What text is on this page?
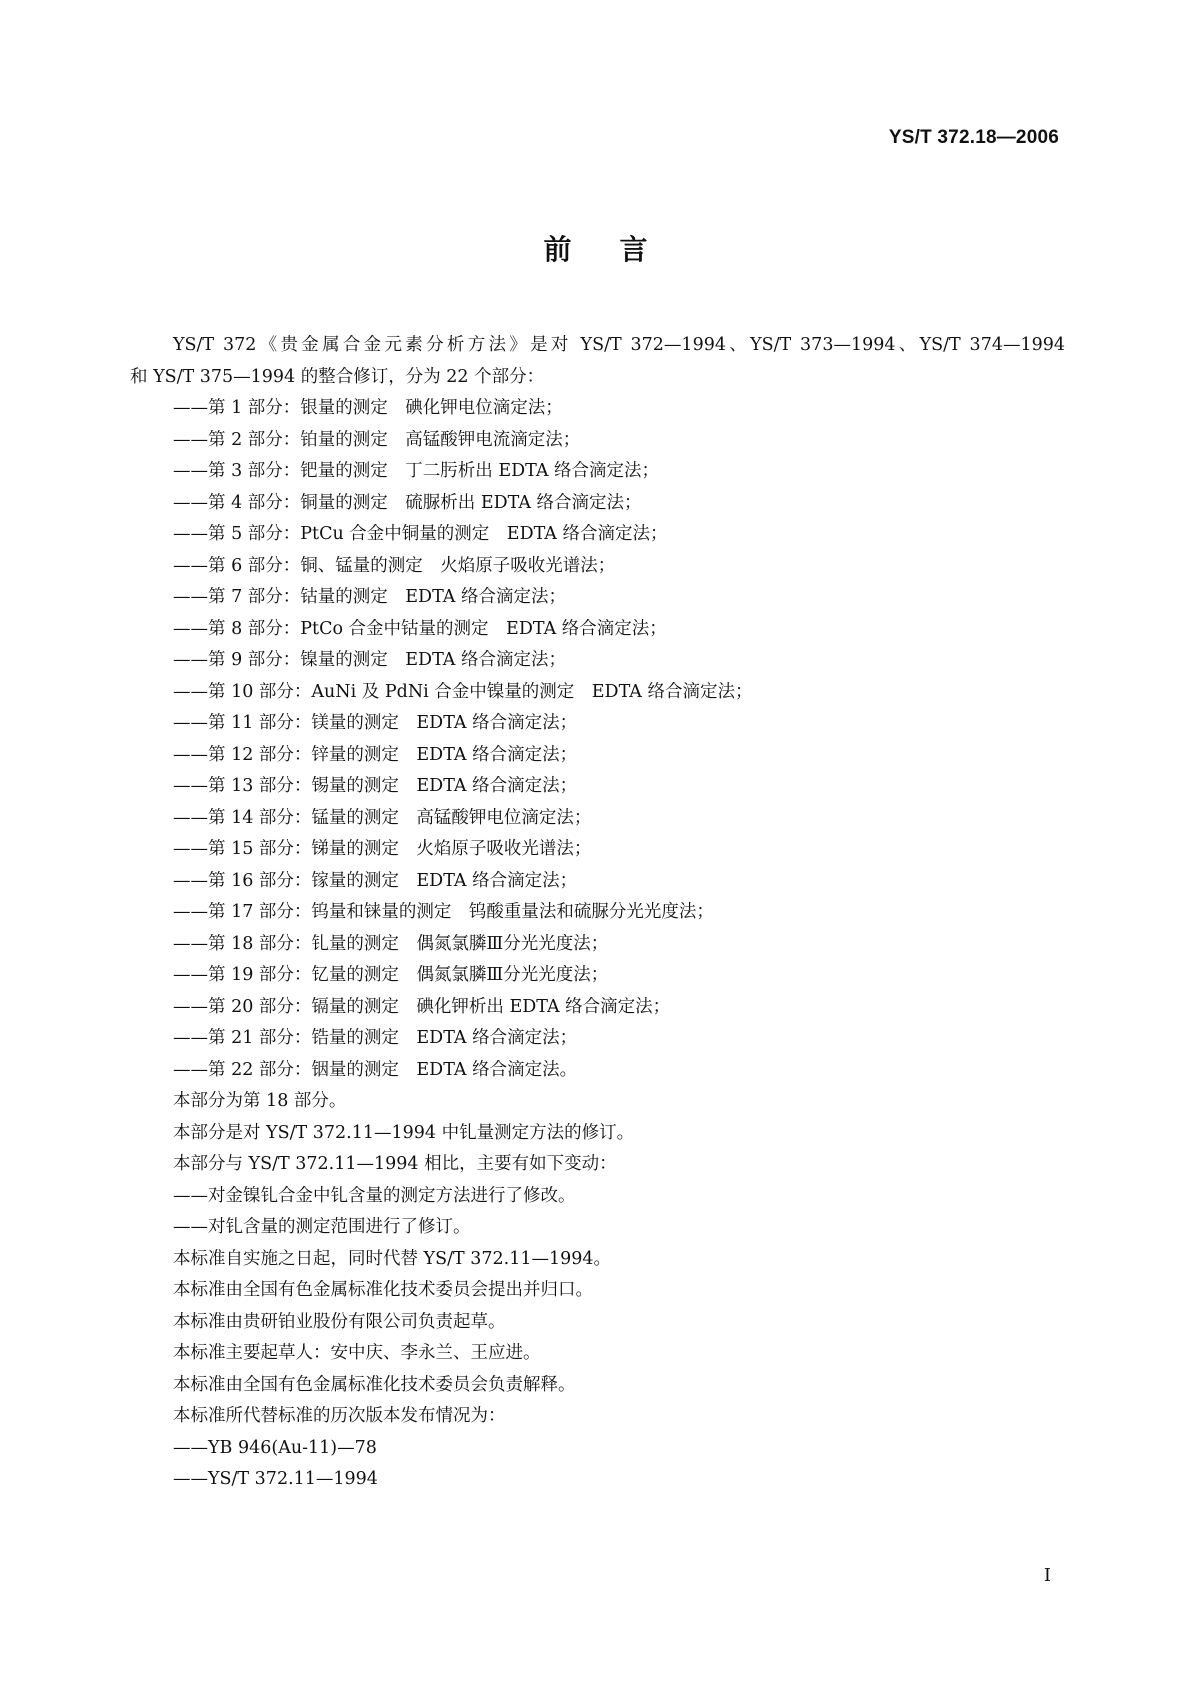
YS/T 372.18—2006
前言
YS/T 372《贵金属合金元素分析方法》是对 YS/T 372—1994、YS/T 373—1994、YS/T 374—1994
和 YS/T 375—1994 的整合修订，分为 22 个部分：
——第 1 部分：银量的测定　碘化钾电位滴定法；
——第 2 部分：铂量的测定　高锰酸钾电流滴定法；
——第 3 部分：钯量的测定　丁二肟析出 EDTA 络合滴定法；
——第 4 部分：铜量的测定　硫脲析出 EDTA 络合滴定法；
——第 5 部分：PtCu 合金中铜量的测定　EDTA 络合滴定法；
——第 6 部分：铜、锰量的测定　火焰原子吸收光谱法；
——第 7 部分：钴量的测定　EDTA 络合滴定法；
——第 8 部分：PtCo 合金中钴量的测定　EDTA 络合滴定法；
——第 9 部分：镍量的测定　EDTA 络合滴定法；
——第 10 部分：AuNi 及 PdNi 合金中镍量的测定　EDTA 络合滴定法；
——第 11 部分：镁量的测定　EDTA 络合滴定法；
——第 12 部分：锌量的测定　EDTA 络合滴定法；
——第 13 部分：锡量的测定　EDTA 络合滴定法；
——第 14 部分：锰量的测定　高锰酸钾电位滴定法；
——第 15 部分：锑量的测定　火焰原子吸收光谱法；
——第 16 部分：镓量的测定　EDTA 络合滴定法；
——第 17 部分：钨量和铼量的测定　钨酸重量法和硫脲分光光度法；
——第 18 部分：钆量的测定　偶氮氯膦Ⅲ分光光度法；
——第 19 部分：钇量的测定　偶氮氯膦Ⅲ分光光度法；
——第 20 部分：镉量的测定　碘化钾析出 EDTA 络合滴定法；
——第 21 部分：锆量的测定　EDTA 络合滴定法；
——第 22 部分：铟量的测定　EDTA 络合滴定法。
本部分为第 18 部分。
本部分是对 YS/T 372.11—1994 中钆量测定方法的修订。
本部分与 YS/T 372.11—1994 相比，主要有如下变动：
——对金镍钆合金中钆含量的测定方法进行了修改。
——对钆含量的测定范围进行了修订。
本标准自实施之日起，同时代替 YS/T 372.11—1994。
本标准由全国有色金属标准化技术委员会提出并归口。
本标准由贵研铂业股份有限公司负责起草。
本标准主要起草人：安中庆、李永兰、王应进。
本标准由全国有色金属标准化技术委员会负责解释。
本标准所代替标准的历次版本发布情况为：
——YB 946(Au-11)—78
——YS/T 372.11—1994
I
